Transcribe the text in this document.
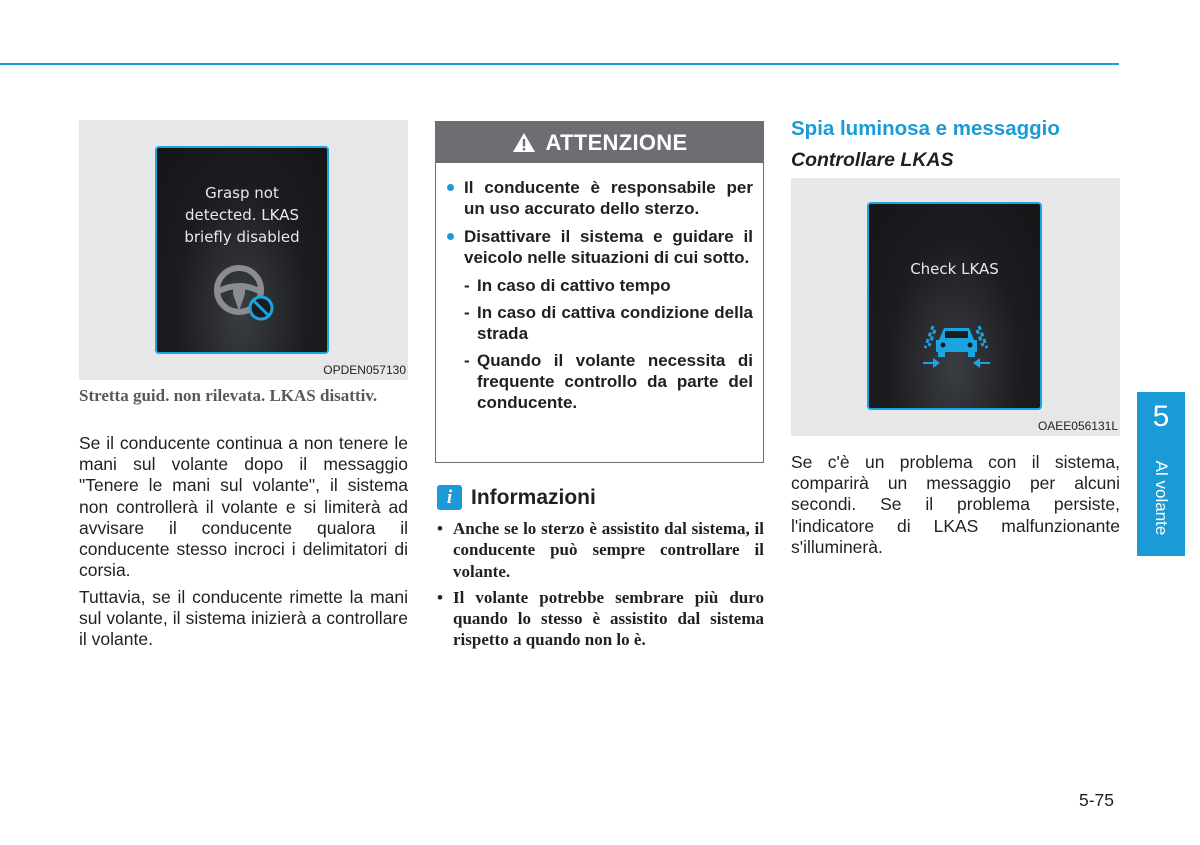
Grasp not
detected. LKAS
briefly disabled
OPDEN057130
Stretta guid. non rilevata. LKAS disattiv.

Se il conducente continua a non tenere le mani sul volante dopo il messaggio "Tenere le mani sul volante", il sistema non controllerà il volante e si limiterà ad avvisare il conducente qualora il conducente stesso incroci i delimitatori di corsia.

Tuttavia, se il conducente rimette la mani sul volante, il sistema inizierà a controllare il volante.

ATTENZIONE
Il conducente è responsabile per un uso accurato dello sterzo.
Disattivare il sistema e guidare il veicolo nelle situazioni di cui sotto.
- In caso di cattivo tempo
- In caso di cattiva condizione della strada
- Quando il volante necessita di frequente controllo da parte del conducente.
i Informazioni
• Anche se lo sterzo è assistito dal sistema, il conducente può sempre controllare il volante.
• Il volante potrebbe sembrare più duro quando lo stesso è assistito dal sistema rispetto a quando non lo è.
Spia luminosa e messaggio
Controllare LKAS
Check LKAS
OAEE056131L

Se c'è un problema con il sistema, comparirà un messaggio per alcuni secondi. Se il problema persiste, l'indicatore di LKAS malfunzionante s'illuminerà.

5
Al volante
5-75
